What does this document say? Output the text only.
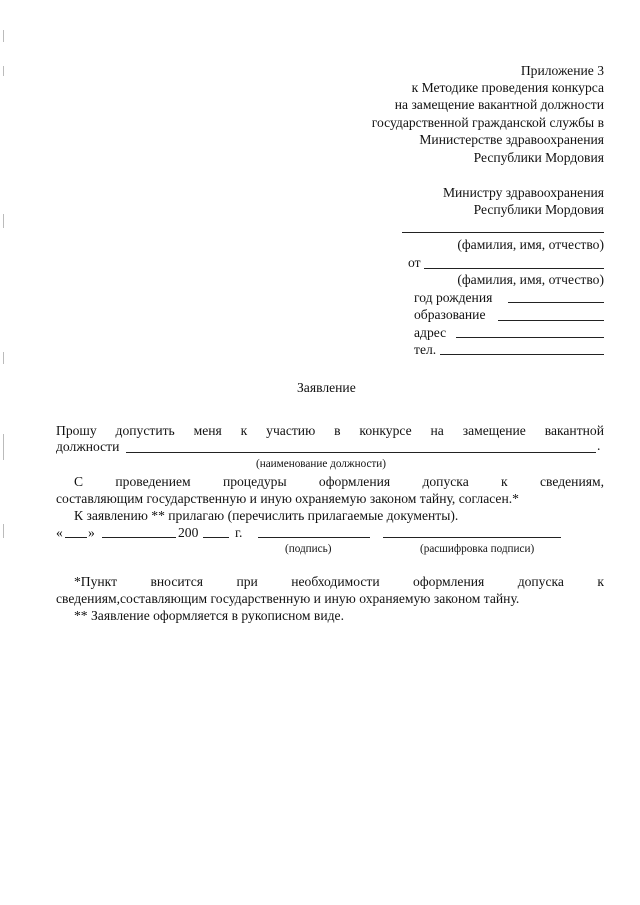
Приложение 3
к Методике проведения конкурса
на замещение вакантной должности
государственной гражданской службы в
Министерстве здравоохранения
Республики Мордовия
Министру здравоохранения
Республики Мордовия
(фамилия, имя, отчество)
от
(фамилия, имя, отчество)
год рождения
образование
адрес
тел.
Заявление
Прошу допустить меня к участию в конкурсе на замещение вакантной
должности	.
(наименование должности)
С проведением процедуры оформления допуска к сведениям,
составляющим государственную и иную охраняемую законом тайну, согласен.*
К заявлению ** прилагаю (перечислить прилагаемые документы).
« »	200	г.
(подпись)	(расшифровка подписи)
*Пункт вносится при необходимости оформления допуска к
сведениям,составляющим государственную и иную охраняемую законом тайну.
** Заявление оформляется в рукописном виде.
